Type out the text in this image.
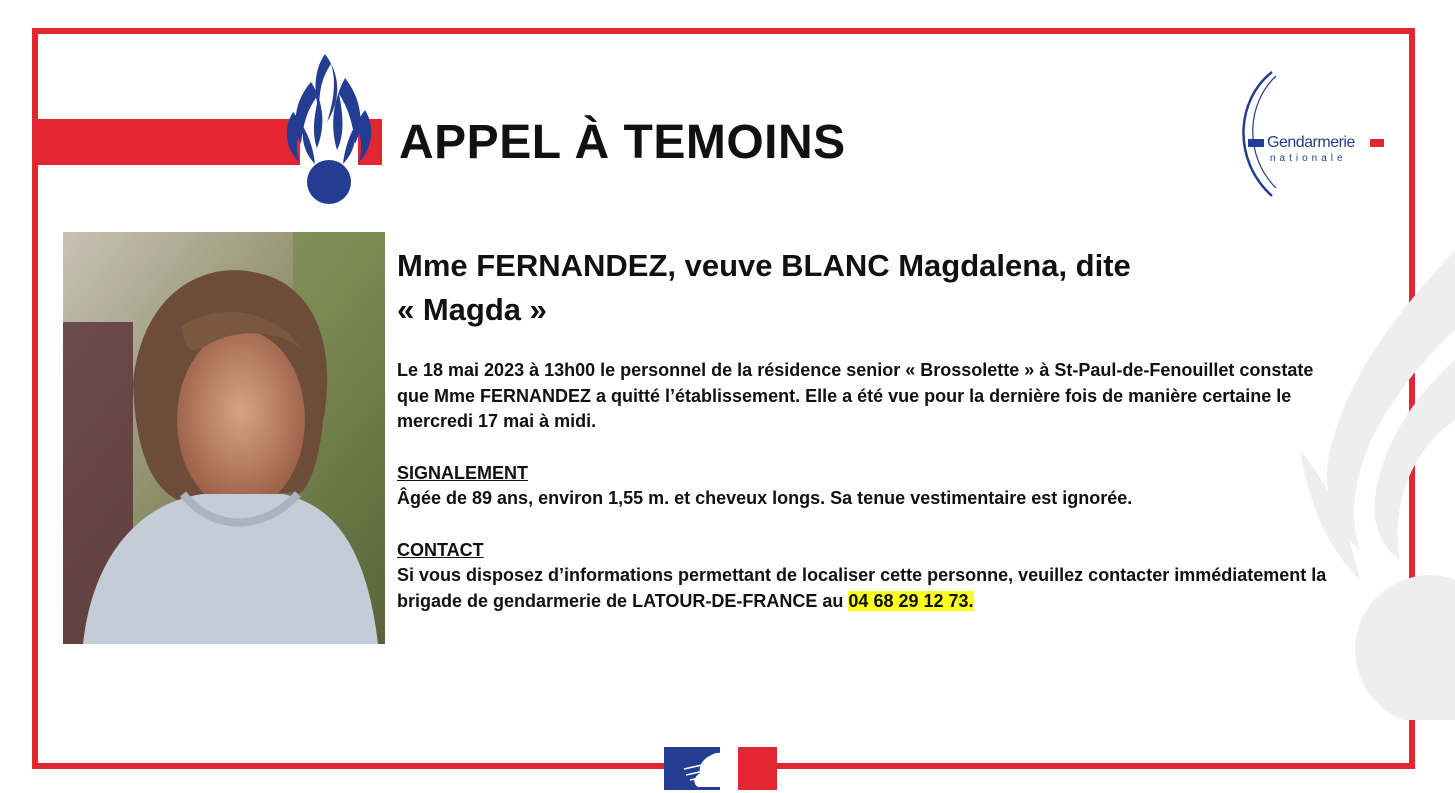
APPEL À TEMOINS	Gendarmerie
nationale
Mme FERNANDEZ, veuve BLANC Magdalena, dite
« Magda »

Le 18 mai 2023 à 13h00 le personnel de la résidence senior « Brossolette » à St-Paul-de-Fenouillet constate que Mme FERNANDEZ a quitté l’établissement. Elle a été vue pour la dernière fois de manière certaine le mercredi 17 mai à midi.

SIGNALEMENT
Âgée de 89 ans, environ 1,55 m. et cheveux longs. Sa tenue vestimentaire est ignorée.

CONTACT
Si vous disposez d’informations permettant de localiser cette personne, veuillez contacter immédiatement la brigade de gendarmerie de LATOUR-DE-FRANCE au 04 68 29 12 73.
